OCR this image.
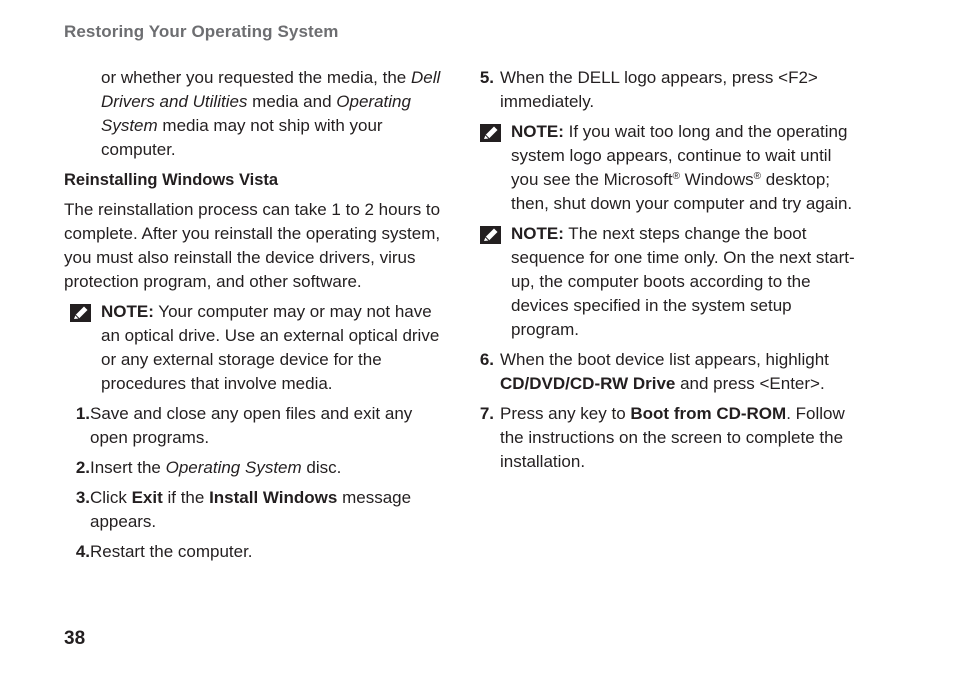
Restoring Your Operating System

or whether you requested the media, the Dell Drivers and Utilities media and Operating System media may not ship with your computer.

Reinstalling Windows Vista

The reinstallation process can take 1 to 2 hours to complete. After you reinstall the operating system, you must also reinstall the device drivers, virus protection program, and other software.

NOTE: Your computer may or may not have an optical drive. Use an external optical drive or any external storage device for the procedures that involve media.
1. Save and close any open files and exit any open programs.
2. Insert the Operating System disc.
3. Click Exit if the Install Windows message appears.
4. Restart the computer.
5. When the DELL logo appears, press <F2> immediately.
NOTE: If you wait too long and the operating system logo appears, continue to wait until you see the Microsoft® Windows® desktop; then, shut down your computer and try again.
NOTE: The next steps change the boot sequence for one time only. On the next start-up, the computer boots according to the devices specified in the system setup program.
6. When the boot device list appears, highlight CD/DVD/CD-RW Drive and press <Enter>.
7. Press any key to Boot from CD-ROM. Follow the instructions on the screen to complete the installation.
38
